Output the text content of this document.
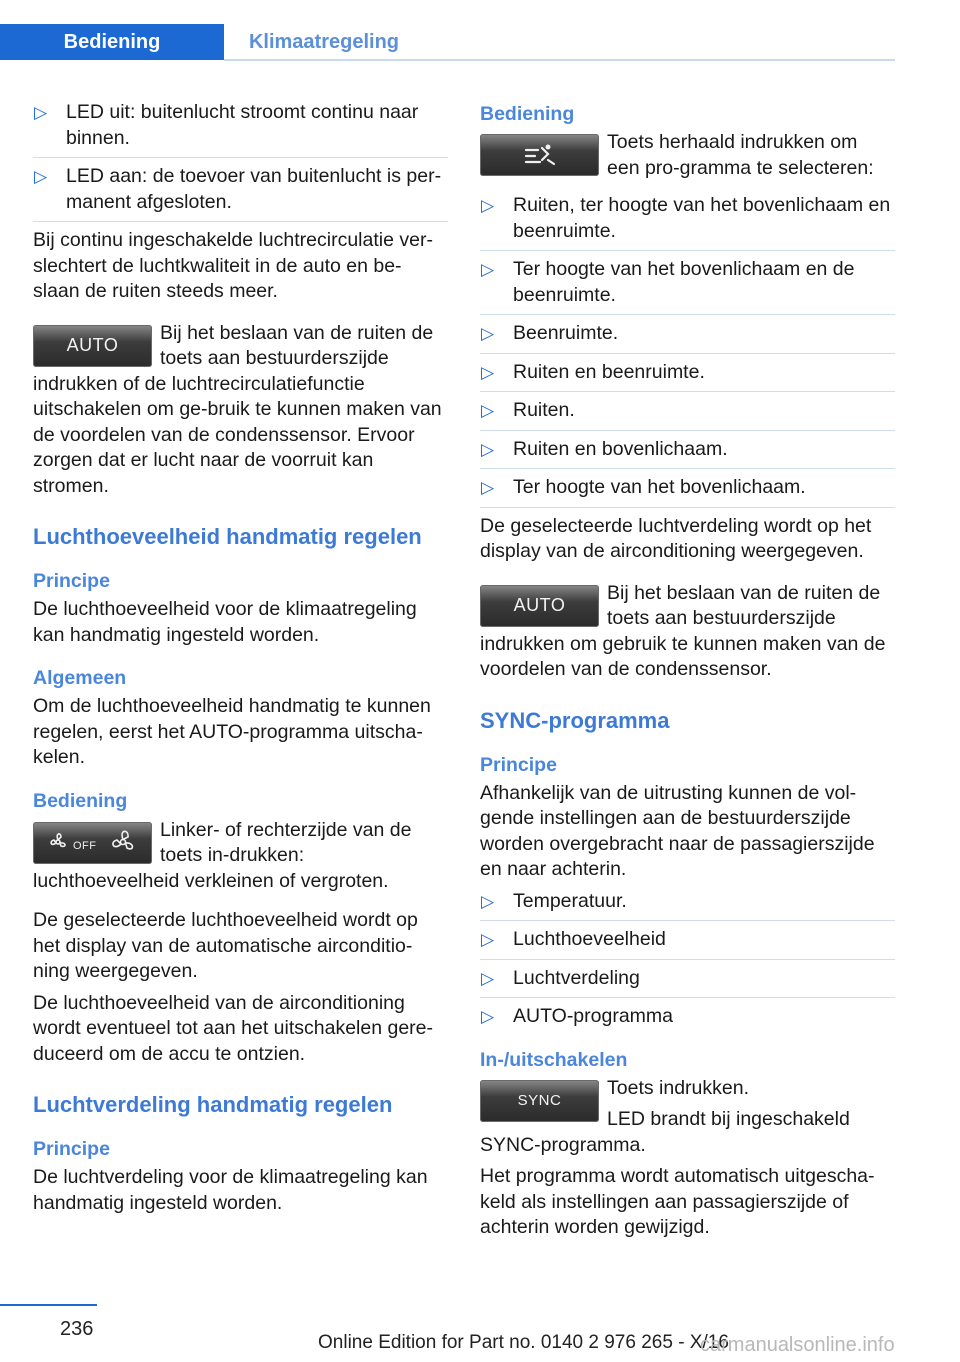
Bediening	Klimaatregeling
▷ LED uit: buitenlucht stroomt continu naar binnen.
▷ LED aan: de toevoer van buitenlucht is per‐manent afgesloten.

Bij continu ingeschakelde luchtrecirculatie ver‐slechtert de luchtkwaliteit in de auto en be‐slaan de ruiten steeds meer.

AUTO

Bij het beslaan van de ruiten de toets aan bestuurderszijde indrukken of de luchtrecirculatiefunctie uitschakelen om ge‐bruik te kunnen maken van de voordelen van de condenssensor. Ervoor zorgen dat er lucht naar de voorruit kan stromen.

Luchthoeveelheid handmatig regelen
Principe

De luchthoeveelheid voor de klimaatregeling kan handmatig ingesteld worden.

Algemeen

Om de luchthoeveelheid handmatig te kunnen regelen, eerst het AUTO-programma uitscha‐kelen.

Bediening
OFF

Linker- of rechterzijde van de toets in‐drukken: luchthoeveelheid verkleinen of vergroten.

De geselecteerde luchthoeveelheid wordt op het display van de automatische airconditio‐ning weergegeven.

De luchthoeveelheid van de airconditioning wordt eventueel tot aan het uitschakelen gere‐duceerd om de accu te ontzien.

Luchtverdeling handmatig regelen
Principe

De luchtverdeling voor de klimaatregeling kan handmatig ingesteld worden.

Bediening

Toets herhaald indrukken om een pro‐gramma te selecteren:

▷ Ruiten, ter hoogte van het bovenlichaam en beenruimte.
▷ Ter hoogte van het bovenlichaam en de beenruimte.
▷ Beenruimte.
▷ Ruiten en beenruimte.
▷ Ruiten.
▷ Ruiten en bovenlichaam.
▷ Ter hoogte van het bovenlichaam.

De geselecteerde luchtverdeling wordt op het display van de airconditioning weergegeven.

AUTO

Bij het beslaan van de ruiten de toets aan bestuurderszijde indrukken om gebruik te kunnen maken van de voordelen van de condenssensor.

SYNC-programma
Principe

Afhankelijk van de uitrusting kunnen de vol‐gende instellingen aan de bestuurderszijde worden overgebracht naar de passagierszijde en naar achterin.

▷ Temperatuur.
▷ Luchthoeveelheid
▷ Luchtverdeling
▷ AUTO-programma
In-/uitschakelen
SYNC

Toets indrukken.

LED brandt bij ingeschakeld SYNC-programma.

Het programma wordt automatisch uitgescha‐keld als instellingen aan passagierszijde of achterin worden gewijzigd.

236
Online Edition for Part no. 0140 2 976 265 - X/16
carmanualsonline.info
